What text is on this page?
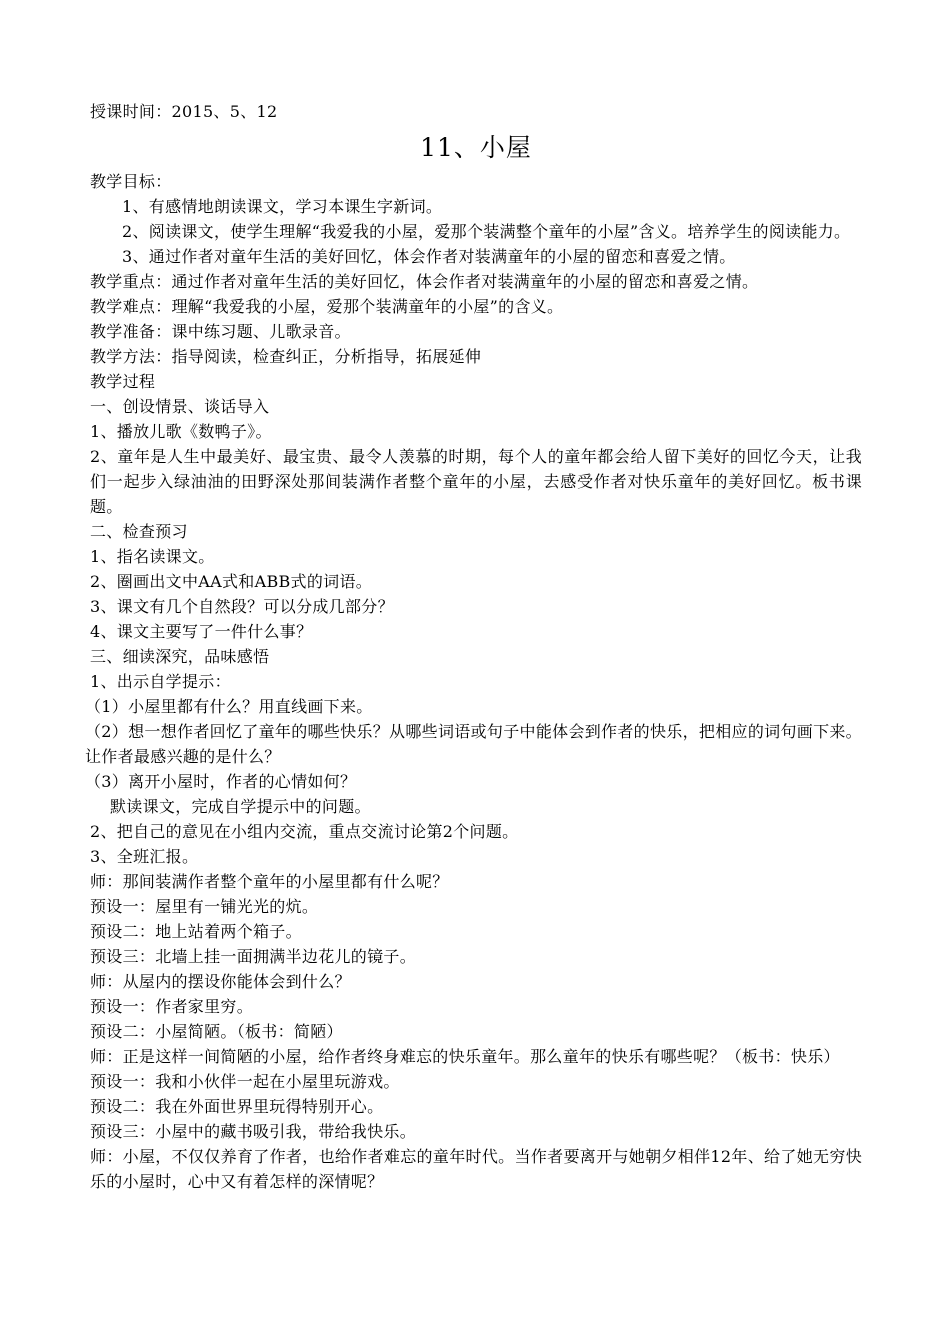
授课时间：2015、5、12
11、小屋

教学目标：

1、有感情地朗读课文，学习本课生字新词。

2、阅读课文，使学生理解“我爱我的小屋，爱那个装满整个童年的小屋”含义。培养学生的阅读能力。

3、通过作者对童年生活的美好回忆，体会作者对装满童年的小屋的留恋和喜爱之情。

教学重点：通过作者对童年生活的美好回忆，体会作者对装满童年的小屋的留恋和喜爱之情。

教学难点：理解“我爱我的小屋，爱那个装满童年的小屋”的含义。

教学准备：课中练习题、儿歌录音。

教学方法：指导阅读，检查纠正，分析指导，拓展延伸

教学过程

一、创设情景、谈话导入

1、播放儿歌《数鸭子》。

2、童年是人生中最美好、最宝贵、最令人羡慕的时期，每个人的童年都会给人留下美好的回忆今天，让我们一起步入绿油油的田野深处那间装满作者整个童年的小屋，去感受作者对快乐童年的美好回忆。板书课题。

二、检查预习

1、指名读课文。

2、圈画出文中AA式和ABB式的词语。

3、课文有几个自然段？可以分成几部分？

4、课文主要写了一件什么事？

三、细读深究，品味感悟

1、出示自学提示：

（1）小屋里都有什么？用直线画下来。

（2）想一想作者回忆了童年的哪些快乐？从哪些词语或句子中能体会到作者的快乐，把相应的词句画下来。让作者最感兴趣的是什么？

（3）离开小屋时，作者的心情如何？

默读课文，完成自学提示中的问题。

2、把自己的意见在小组内交流，重点交流讨论第2个问题。

3、全班汇报。

师：那间装满作者整个童年的小屋里都有什么呢？

预设一：屋里有一铺光光的炕。

预设二：地上站着两个箱子。

预设三：北墙上挂一面拥满半边花儿的镜子。

师：从屋内的摆设你能体会到什么？

预设一：作者家里穷。

预设二：小屋简陋。（板书：简陋）

师：正是这样一间简陋的小屋，给作者终身难忘的快乐童年。那么童年的快乐有哪些呢？（板书：快乐）

预设一：我和小伙伴一起在小屋里玩游戏。

预设二：我在外面世界里玩得特别开心。

预设三：小屋中的藏书吸引我，带给我快乐。

师：小屋，不仅仅养育了作者，也给作者难忘的童年时代。当作者要离开与她朝夕相伴12年、给了她无穷快乐的小屋时，心中又有着怎样的深情呢？
